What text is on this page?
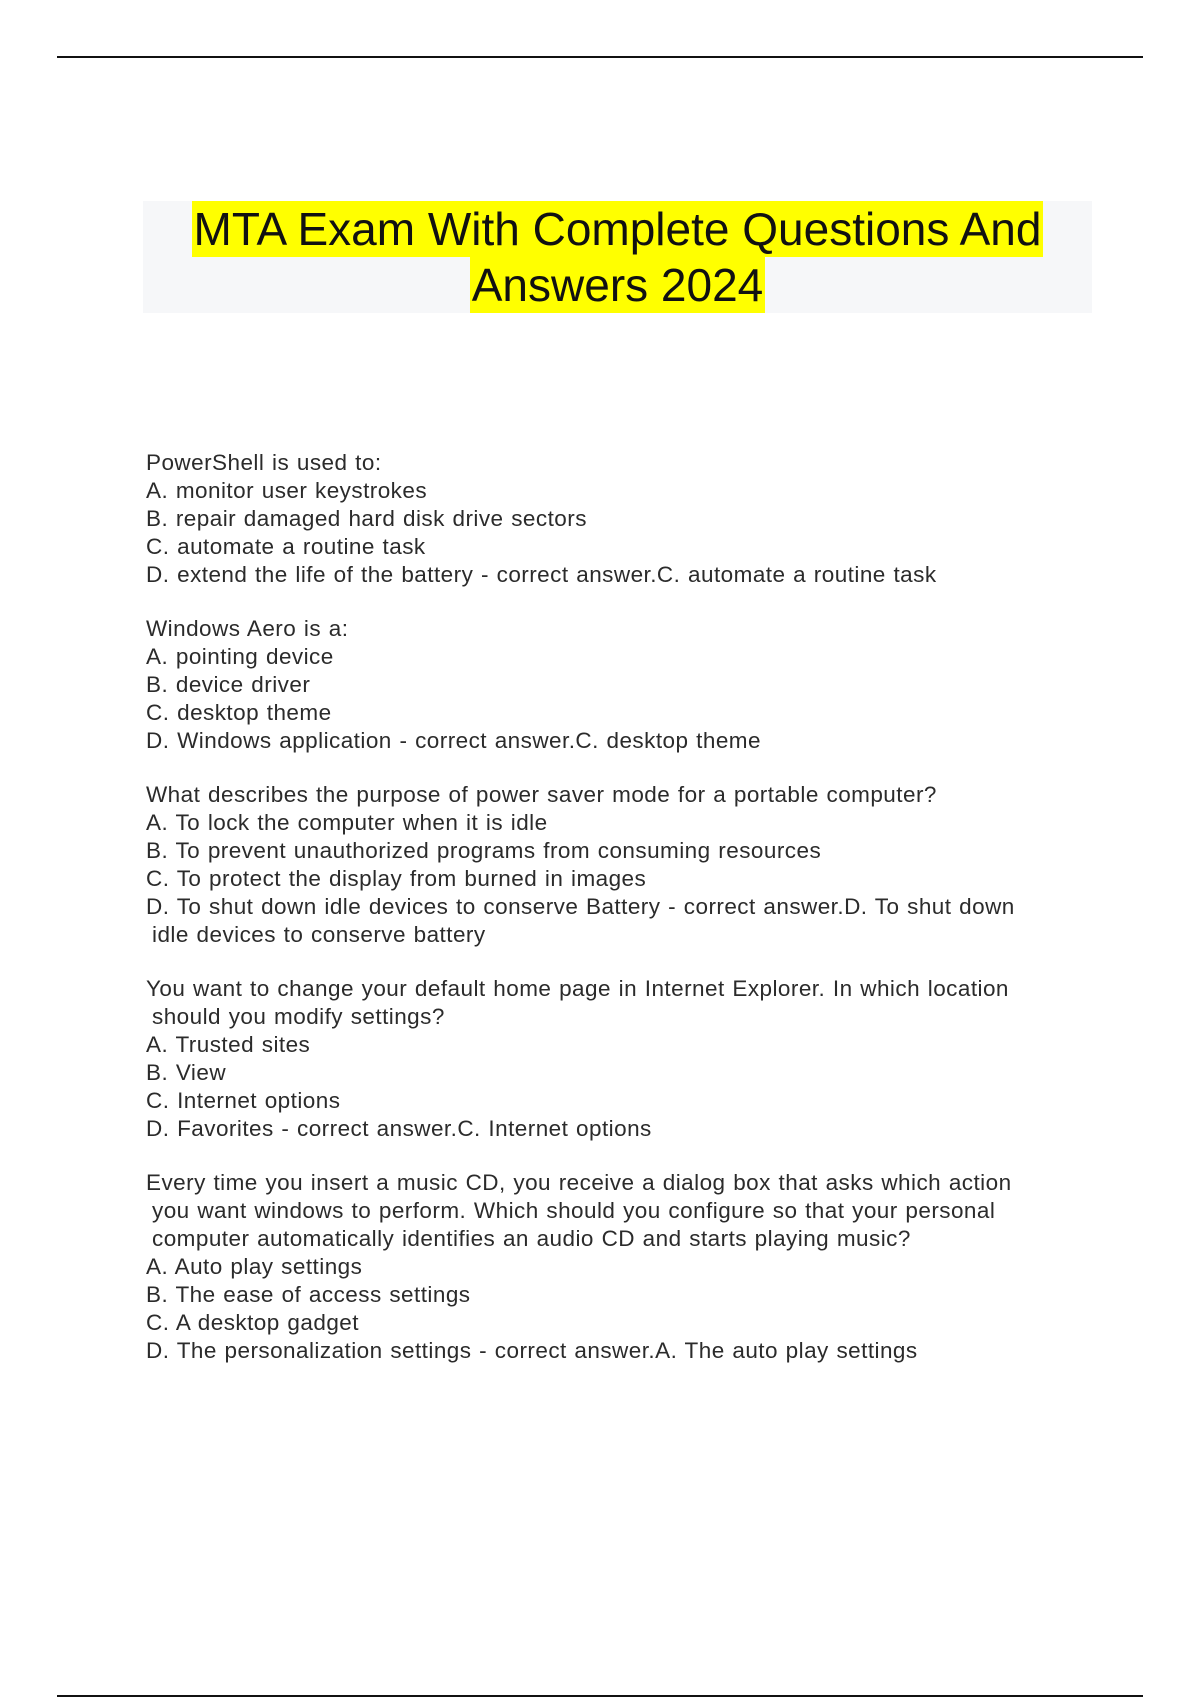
MTA Exam With Complete Questions And
Answers 2024
PowerShell is used to:
A. monitor user keystrokes
B. repair damaged hard disk drive sectors
C. automate a routine task
D. extend the life of the battery - correct answer.C. automate a routine task
Windows Aero is a:
A. pointing device
B. device driver
C. desktop theme
D. Windows application - correct answer.C. desktop theme
What describes the purpose of power saver mode for a portable computer?
A. To lock the computer when it is idle
B. To prevent unauthorized programs from consuming resources
C. To protect the display from burned in images
D. To shut down idle devices to conserve Battery - correct answer.D. To shut down
idle devices to conserve battery
You want to change your default home page in Internet Explorer. In which location
should you modify settings?
A. Trusted sites
B. View
C. Internet options
D. Favorites - correct answer.C. Internet options
Every time you insert a music CD, you receive a dialog box that asks which action
you want windows to perform. Which should you configure so that your personal
computer automatically identifies an audio CD and starts playing music?
A. Auto play settings
B. The ease of access settings
C. A desktop gadget
D. The personalization settings - correct answer.A. The auto play settings
